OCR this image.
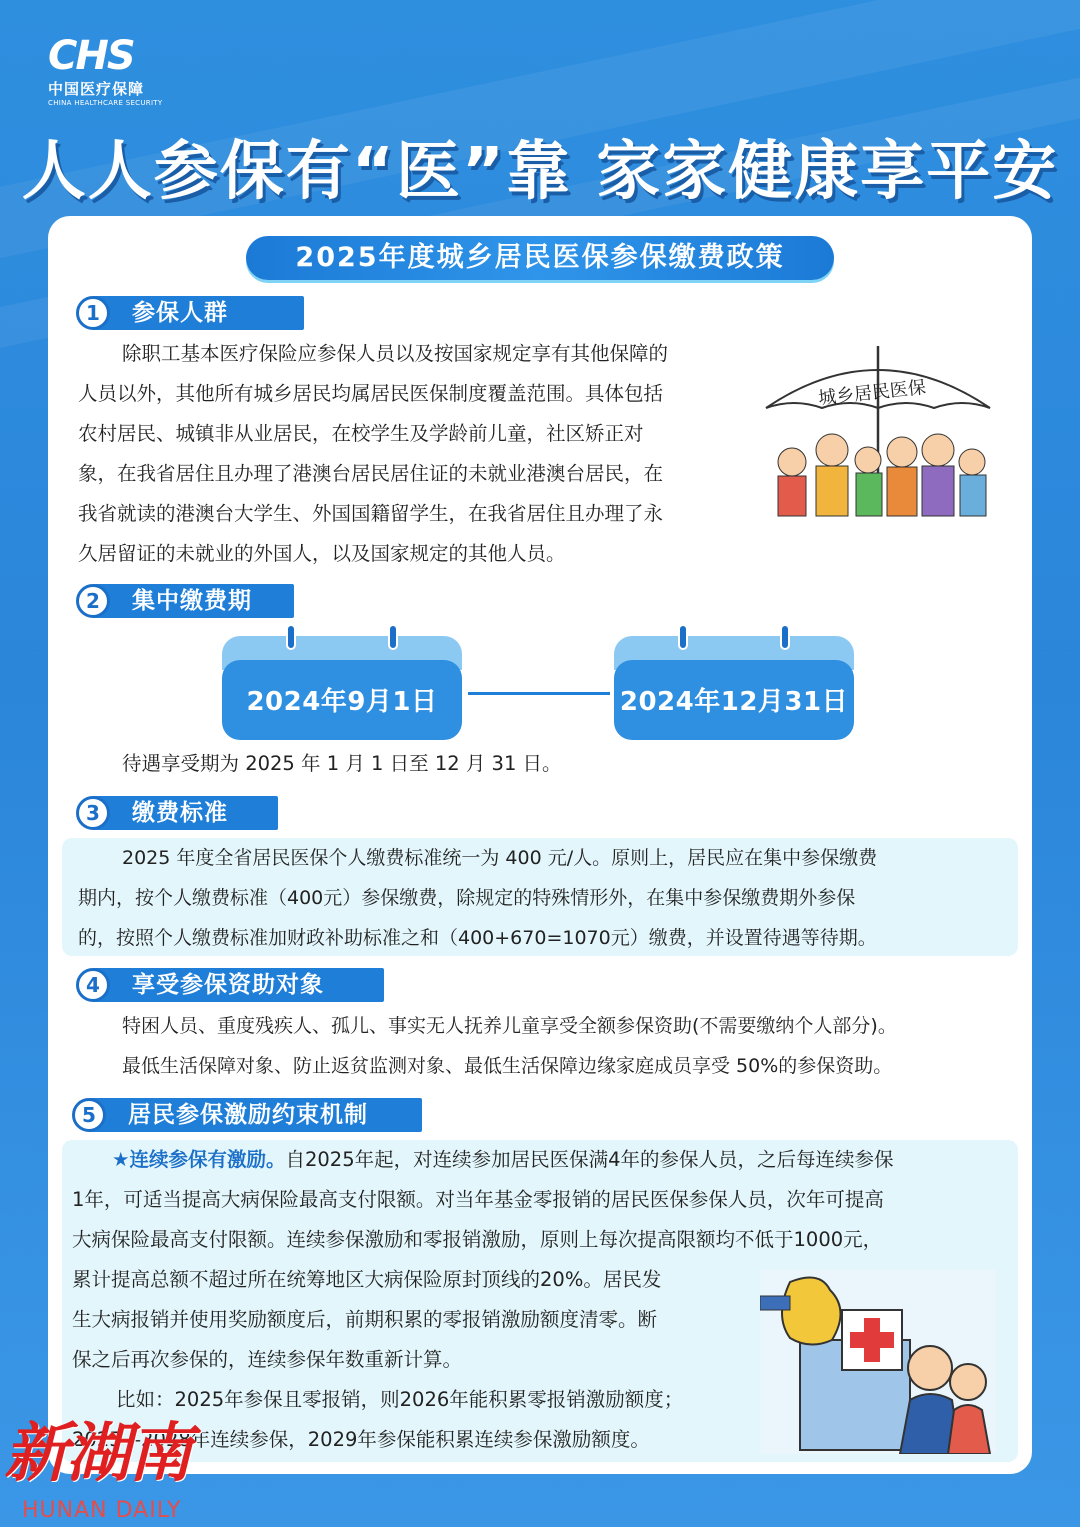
CHS
中国医疗保障
CHINA HEALTHCARE SECURITY
人人参保有“医”靠 家家健康享平安
2025年度城乡居民医保参保缴费政策
1	参保人群
除职工基本医疗保险应参保人员以及按国家规定享有其他保障的
人员以外，其他所有城乡居民均属居民医保制度覆盖范围。具体包括
农村居民、城镇非从业居民，在校学生及学龄前儿童，社区矫正对
象，在我省居住且办理了港澳台居民居住证的未就业港澳台居民，在
我省就读的港澳台大学生、外国国籍留学生，在我省居住且办理了永
久居留证的未就业的外国人，以及国家规定的其他人员。
城乡居民医保
2	集中缴费期
2024年9月1日	2024年12月31日
待遇享受期为 2025 年 1 月 1 日至 12 月 31 日。
3	缴费标准
2025 年度全省居民医保个人缴费标准统一为 400 元/人。原则上，居民应在集中参保缴费
期内，按个人缴费标准（400元）参保缴费，除规定的特殊情形外，在集中参保缴费期外参保
的，按照个人缴费标准加财政补助标准之和（400+670=1070元）缴费，并设置待遇等待期。
4	享受参保资助对象
特困人员、重度残疾人、孤儿、事实无人抚养儿童享受全额参保资助(不需要缴纳个人部分)。
最低生活保障对象、防止返贫监测对象、最低生活保障边缘家庭成员享受 50%的参保资助。
5	居民参保激励约束机制
★连续参保有激励。自2025年起，对连续参加居民医保满4年的参保人员，之后每连续参保
1年，可适当提高大病保险最高支付限额。对当年基金零报销的居民医保参保人员，次年可提高
大病保险最高支付限额。连续参保激励和零报销激励，原则上每次提高限额均不低于1000元，
累计提高总额不超过所在统筹地区大病保险原封顶线的20%。居民发
生大病报销并使用奖励额度后，前期积累的零报销激励额度清零。断
保之后再次参保的，连续参保年数重新计算。
比如：2025年参保且零报销，则2026年能积累零报销激励额度；
2025—2028年连续参保，2029年参保能积累连续参保激励额度。
新湖南
HUNAN DAILY
